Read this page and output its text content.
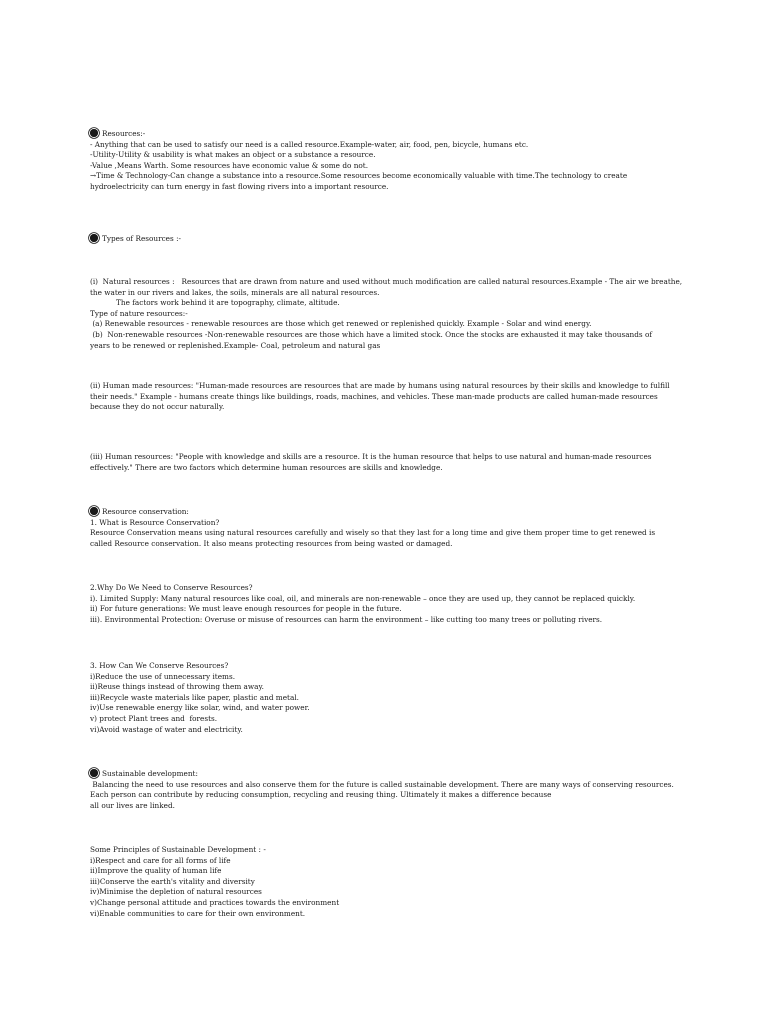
Resources:-
- Anything that can be used to satisfy our need is a called resource.Example-water, air, food, pen, bicycle, humans etc.
-Utility-Utility & usability is what makes an object or a substance a resource.
-Value ,Means Warth. Some resources have economic value & some do not.
→Time & Technology-Can change a substance into a resource.Some resources become economically valuable with time.The technology to create
hydroelectricity can turn energy in fast flowing rivers into a important resource.
Types of Resources :-
(i)  Natural resources :   Resources that are drawn from nature and used without much modification are called natural resources.Example - The air we breathe,
the water in our rivers and lakes, the soils, minerals are all natural resources.
The factors work behind it are topography, climate, altitude.
Type of nature resources:-
(a) Renewable resources - renewable resources are those which get renewed or replenished quickly. Example - Solar and wind energy.
(b)  Non-renewable resources -Non-renewable resources are those which have a limited stock. Once the stocks are exhausted it may take thousands of
years to be renewed or replenished.Example- Coal, petroleum and natural gas
(ii) Human made resources: "Human-made resources are resources that are made by humans using natural resources by their skills and knowledge to fulfill
their needs." Example - humans create things like buildings, roads, machines, and vehicles. These man-made products are called human-made resources
because they do not occur naturally.
(iii) Human resources: "People with knowledge and skills are a resource. It is the human resource that helps to use natural and human-made resources
effectively." There are two factors which determine human resources are skills and knowledge.
Resource conservation:
1. What is Resource Conservation?
Resource Conservation means using natural resources carefully and wisely so that they last for a long time and give them proper time to get renewed is
called Resource conservation. It also means protecting resources from being wasted or damaged.
2.Why Do We Need to Conserve Resources?
i). Limited Supply: Many natural resources like coal, oil, and minerals are non-renewable – once they are used up, they cannot be replaced quickly.
ii) For future generations: We must leave enough resources for people in the future.
iii). Environmental Protection: Overuse or misuse of resources can harm the environment – like cutting too many trees or polluting rivers.
3. How Can We Conserve Resources?
i)Reduce the use of unnecessary items.
ii)Reuse things instead of throwing them away.
iii)Recycle waste materials like paper, plastic and metal.
iv)Use renewable energy like solar, wind, and water power.
v) protect Plant trees and  forests.
vi)Avoid wastage of water and electricity.
Sustainable development:
Balancing the need to use resources and also conserve them for the future is called sustainable development. There are many ways of conserving resources.
Each person can contribute by reducing consumption, recycling and reusing thing. Ultimately it makes a difference because
all our lives are linked.
Some Principles of Sustainable Development : -
i)Respect and care for all forms of life
ii)Improve the quality of human life
iii)Conserve the earth's vitality and diversity
iv)Minimise the depletion of natural resources
v)Change personal attitude and practices towards the environment
vi)Enable communities to care for their own environment.
